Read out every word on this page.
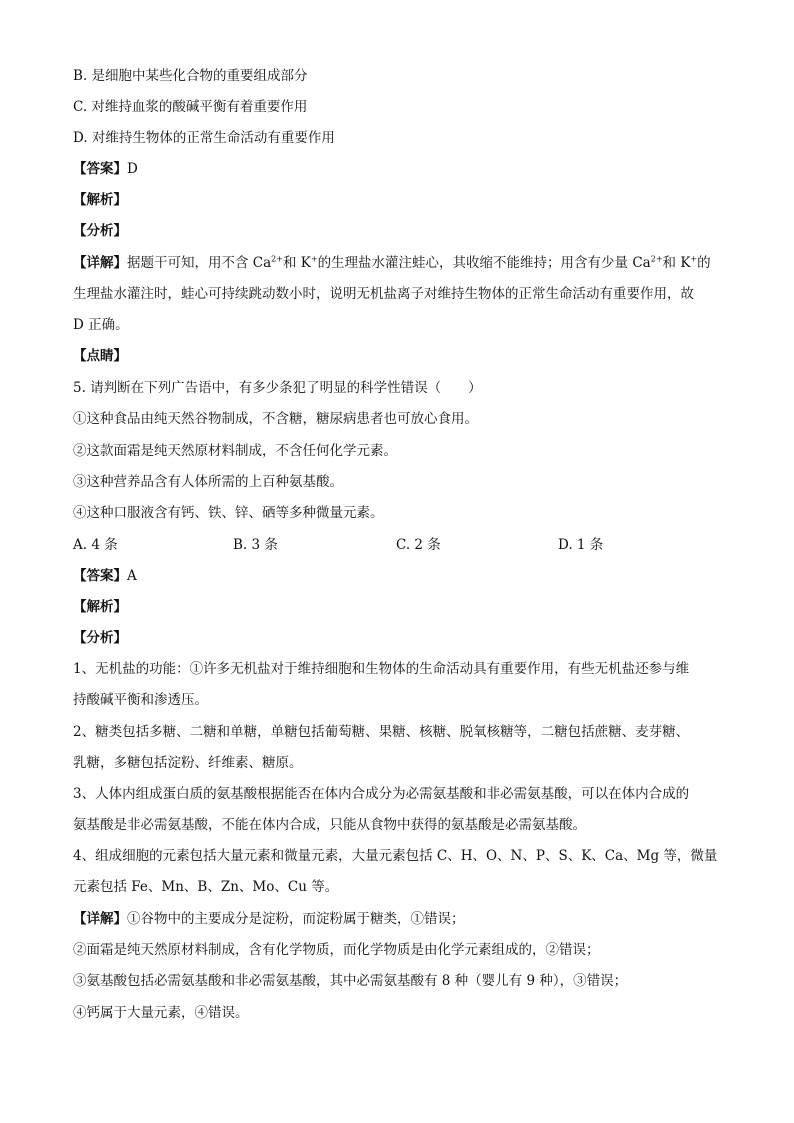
B. 是细胞中某些化合物的重要组成部分
C. 对维持血浆的酸碱平衡有着重要作用
D. 对维持生物体的正常生命活动有重要作用
【答案】D
【解析】
【分析】
【详解】据题干可知，用不含 $Ca^{2+}$和 K+的生理盐水灌注蛙心，其收缩不能维持；用含有少量 $Ca^{2+}$和 K+的
生理盐水灌注时，蛙心可持续跳动数小时，说明无机盐离子对维持生物体的正常生命活动有重要作用，故
D 正确。
【点睛】
5. 请判断在下列广告语中，有多少条犯了明显的科学性错误（　　）
①这种食品由纯天然谷物制成，不含糖，糖尿病患者也可放心食用。
②这款面霜是纯天然原材料制成，不含任何化学元素。
③这种营养品含有人体所需的上百种氨基酸。
④这种口服液含有钙、铁、锌、硒等多种微量元素。
A. 4 条	B. 3 条	C. 2 条	D. 1 条
【答案】A
【解析】
【分析】
1、无机盐的功能：①许多无机盐对于维持细胞和生物体的生命活动具有重要作用，有些无机盐还参与维
持酸碱平衡和渗透压。
2、糖类包括多糖、二糖和单糖，单糖包括葡萄糖、果糖、核糖、脱氧核糖等，二糖包括蔗糖、麦芽糖、
乳糖，多糖包括淀粉、纤维素、糖原。
3、人体内组成蛋白质的氨基酸根据能否在体内合成分为必需氨基酸和非必需氨基酸，可以在体内合成的
氨基酸是非必需氨基酸，不能在体内合成，只能从食物中获得的氨基酸是必需氨基酸。
4、组成细胞的元素包括大量元素和微量元素，大量元素包括 C、H、O、N、P、S、K、Ca、Mg 等，微量
元素包括 Fe、Mn、B、Zn、Mo、Cu 等。
【详解】①谷物中的主要成分是淀粉，而淀粉属于糖类，①错误；
②面霜是纯天然原材料制成，含有化学物质，而化学物质是由化学元素组成的，②错误；
③氨基酸包括必需氨基酸和非必需氨基酸，其中必需氨基酸有 8 种（婴儿有 9 种），③错误；
④钙属于大量元素，④错误。
